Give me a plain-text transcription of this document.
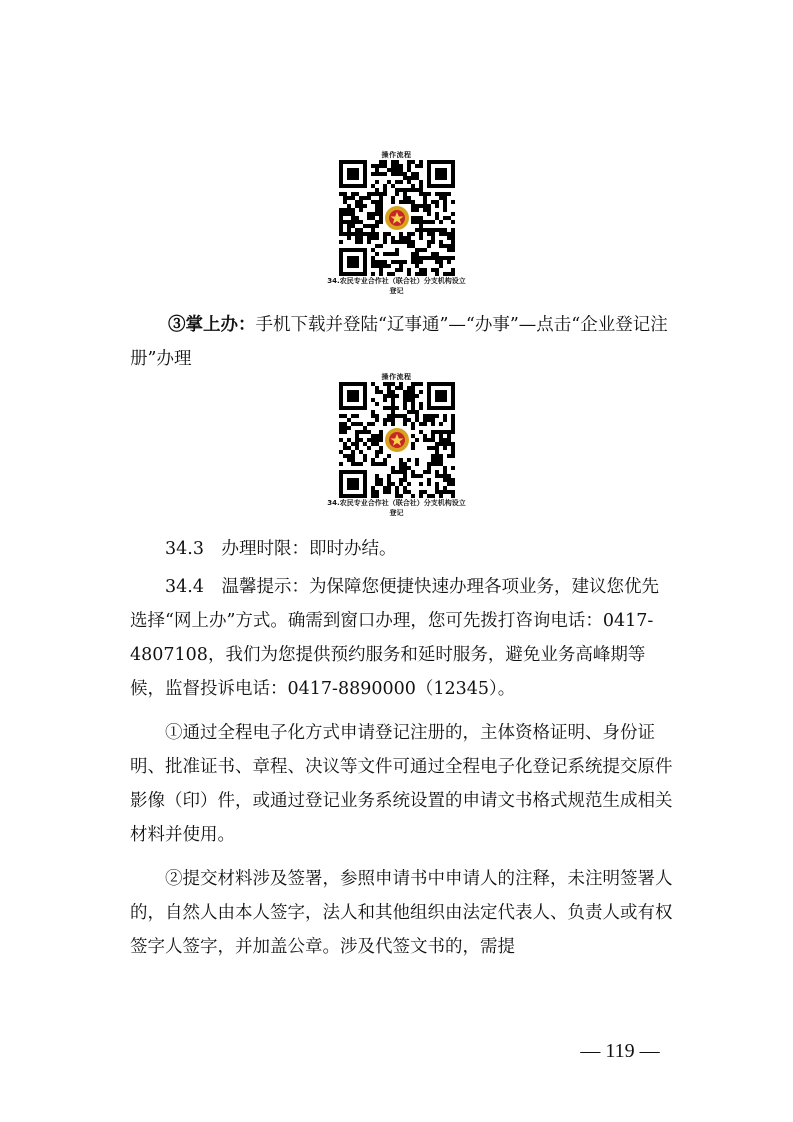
操作流程
34.农民专业合作社（联合社）分支机构设立
登记
③掌上办：手机下载并登陆“辽事通”—“办事”—点击“企业登记注册”办理
操作流程
34.农民专业合作社（联合社）分支机构设立
登记
34.3　办理时限：即时办结。
34.4　温馨提示：为保障您便捷快速办理各项业务，建议您优先选择“网上办”方式。确需到窗口办理，您可先拨打咨询电话：0417-4807108，我们为您提供预约服务和延时服务，避免业务高峰期等候，监督投诉电话：0417-8890000（12345）。
①通过全程电子化方式申请登记注册的，主体资格证明、身份证明、批准证书、章程、决议等文件可通过全程电子化登记系统提交原件影像（印）件，或通过登记业务系统设置的申请文书格式规范生成相关材料并使用。
②提交材料涉及签署，参照申请书中申请人的注释，未注明签署人的，自然人由本人签字，法人和其他组织由法定代表人、负责人或有权签字人签字，并加盖公章。涉及代签文书的，需提
— 119 —
